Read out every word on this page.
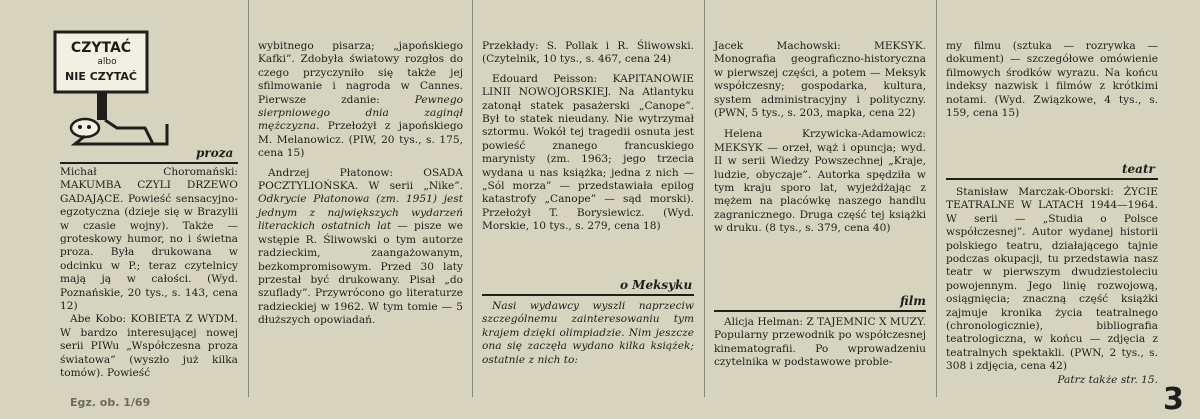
CZYTAĆ
albo
NIE CZYTAĆ
proza

Michał Choromański: MAKUMBA CZYLI DRZEWO GADAJĄCE. Powieść sensacyjno-egzotyczna (dzieje się w Brazylii w czasie wojny). Także — groteskowy humor, no i świetna proza. Była drukowana w odcinku w P.; teraz czytelnicy mają ją w całości. (Wyd. Poznańskie, 20 tys., s. 143, cena 12)

Abe Kobo: KOBIETA Z WYDM. W bardzo interesującej nowej serii PIWu „Współczesna proza światowa” (wyszło już kilka tomów). Powieść

wybitnego pisarza; „japońskiego Kafki”. Zdobyła światowy rozgłos do czego przyczyniło się także jej sfilmowanie i nagroda w Cannes. Pierwsze zdanie:	Pewnego sierpniowego dnia zaginął mężczyzna. Przełożył z japońskiego M. Melanowicz. (PIW, 20 tys., s. 175, cena 15)

Andrzej Płatonow: OSADA POCZTYLIOŃSKA. W serii „Nike”. Odkrycie Płatonowa (zm. 1951) jest jednym z największych wydarzeń literackich ostatnich lat — pisze we wstępie R. Śliwowski o tym autorze radzieckim, zaangażowanym, bezkompromisowym. Przed 30 laty przestał być drukowany. Pisał „do szuflady”. Przywrócono go literaturze radzieckiej w 1962. W tym tomie — 5 dłuższych opowiadań.

Przekłady: S. Pollak i R. Śliwowski. (Czytelnik, 10 tys., s. 467, cena 24)

Edouard Peisson: KAPITANOWIE LINII NOWOJORSKIEJ. Na Atlantyku zatonął statek pasażerski „Canope”. Był to statek nieudany. Nie wytrzymał sztormu. Wokół tej tragedii osnuta jest powieść znanego francuskiego marynisty (zm. 1963; jego trzecia wydana u nas książka; jedna z nich — „Sól morza” — przedstawiała epilog katastrofy „Canope” — sąd morski). Przełożył T. Borysiewicz. (Wyd. Morskie, 10 tys., s. 279, cena 18)

o Meksyku

Nasi wydawcy wyszli naprzeciw szczególnemu zainteresowaniu tym krajem dzięki olimpiadzie. Nim jeszcze ona się zaczęła wydano kilka książek; ostatnie z nich to:

Jacek Machowski: MEKSYK. Monografia geograficzno-historyczna w pierwszej części, a potem — Meksyk współczesny; gospodarka, kultura, system administracyjny i polityczny. (PWN, 5 tys., s. 203, mapka, cena 22)

Helena Krzywicka-Adamowicz: MEKSYK — orzeł, wąż i opuncja; wyd. II w serii Wiedzy Powszechnej „Kraje, ludzie, obyczaje”. Autorka spędziła w tym kraju sporo lat, wyjeżdżając z mężem na placówkę naszego handlu zagranicznego. Druga część tej książki w druku. (8 tys., s. 379, cena 40)

film

Alicja Helman: Z TAJEMNIC X MUZY. Popularny przewodnik po współczesnej kinematografii. Po wprowadzeniu czytelnika w podstawowe proble-

my filmu (sztuka — rozrywka — dokument) — szczegółowe omówienie filmowych środków wyrazu. Na końcu indeksy nazwisk i filmów z krótkimi notami. (Wyd. Związkowe, 4 tys., s. 159, cena 15)

teatr

Stanisław Marczak-Oborski: ŻYCIE TEATRALNE W LATACH 1944—1964. W serii — „Studia o Polsce współczesnej”. Autor wydanej historii polskiego teatru, działającego tajnie podczas okupacji, tu przedstawia nasz teatr w pierwszym dwudziestoleciu powojennym. Jego linię rozwojową, osiągnięcia; znaczną część książki zajmuje kronika życia teatralnego (chronologicznie), bibliografia teatrologiczna, w końcu — zdjęcia z teatralnych spektakli. (PWN, 2 tys., s. 308 i zdjęcia, cena 42)

Patrz także str. 15.

Egz. ob. 1/69	3
